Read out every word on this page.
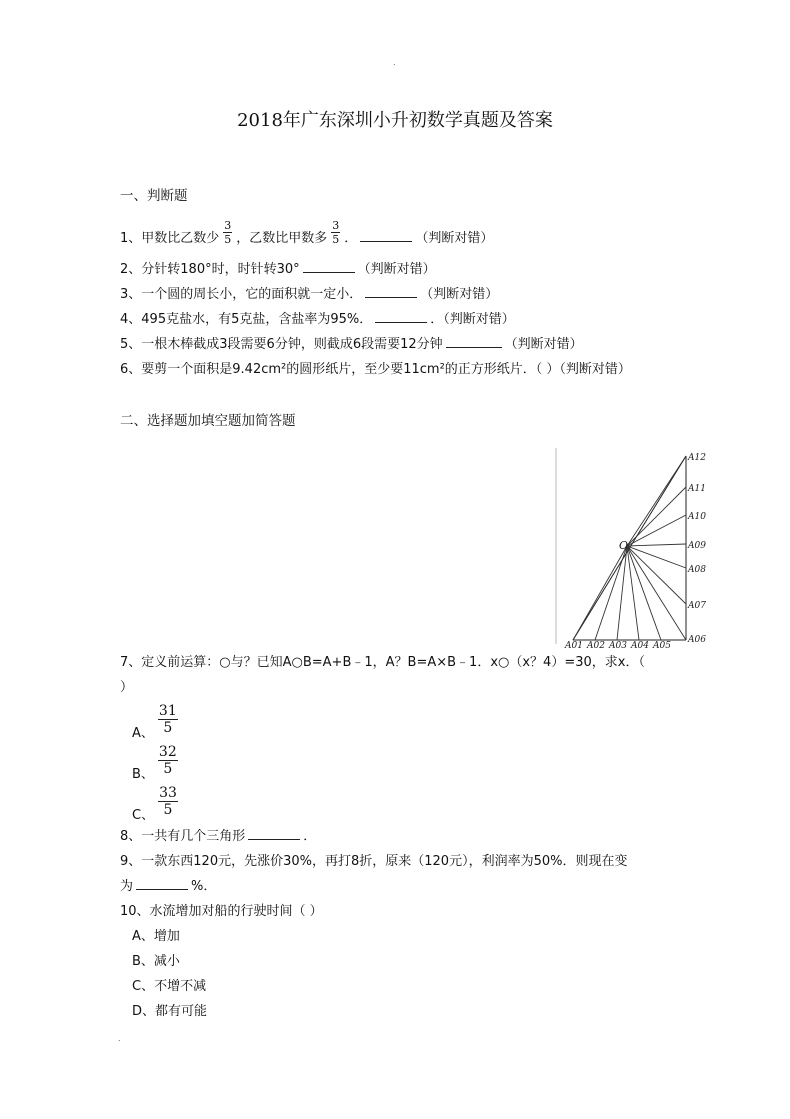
.
2018年广东深圳小升初数学真题及答案
一、判断题
1、甲数比乙数少 $\frac{3}{5}$ ，乙数比甲数多 $\frac{3}{5}$ ．	（判断对错）
2、分针转180°时，时针转30°	（判断对错）
3、一个圆的周长小，它的面积就一定小．	（判断对错）
4、495克盐水，有5克盐，含盐率为95%．	．（判断对错）
5、一根木棒截成3段需要6分钟，则截成6段需要12分钟	（判断对错）
6、要剪一个面积是9.42cm²的圆形纸片，至少要11cm²的正方形纸片．（ ）（判断对错）
二、选择题加填空题加简答题
O
A01 A02 A03 A04 A05
A06
A07
A08
A09
A10
A11
A12
7、定义前运算：○与？已知A○B=A+B﹣1，A？B=A×B﹣1．x○（x？4）=30，求x．（
）
A、 $\frac{31}{5}$
B、 $\frac{32}{5}$
C、 $\frac{33}{5}$
8、一共有几个三角形	．
9、一款东西120元，先涨价30%，再打8折，原来（120元），利润率为50%．则现在变
为	%．
10、水流增加对船的行驶时间（ ）
A、增加
B、减小
C、不增不减
D、都有可能
.
